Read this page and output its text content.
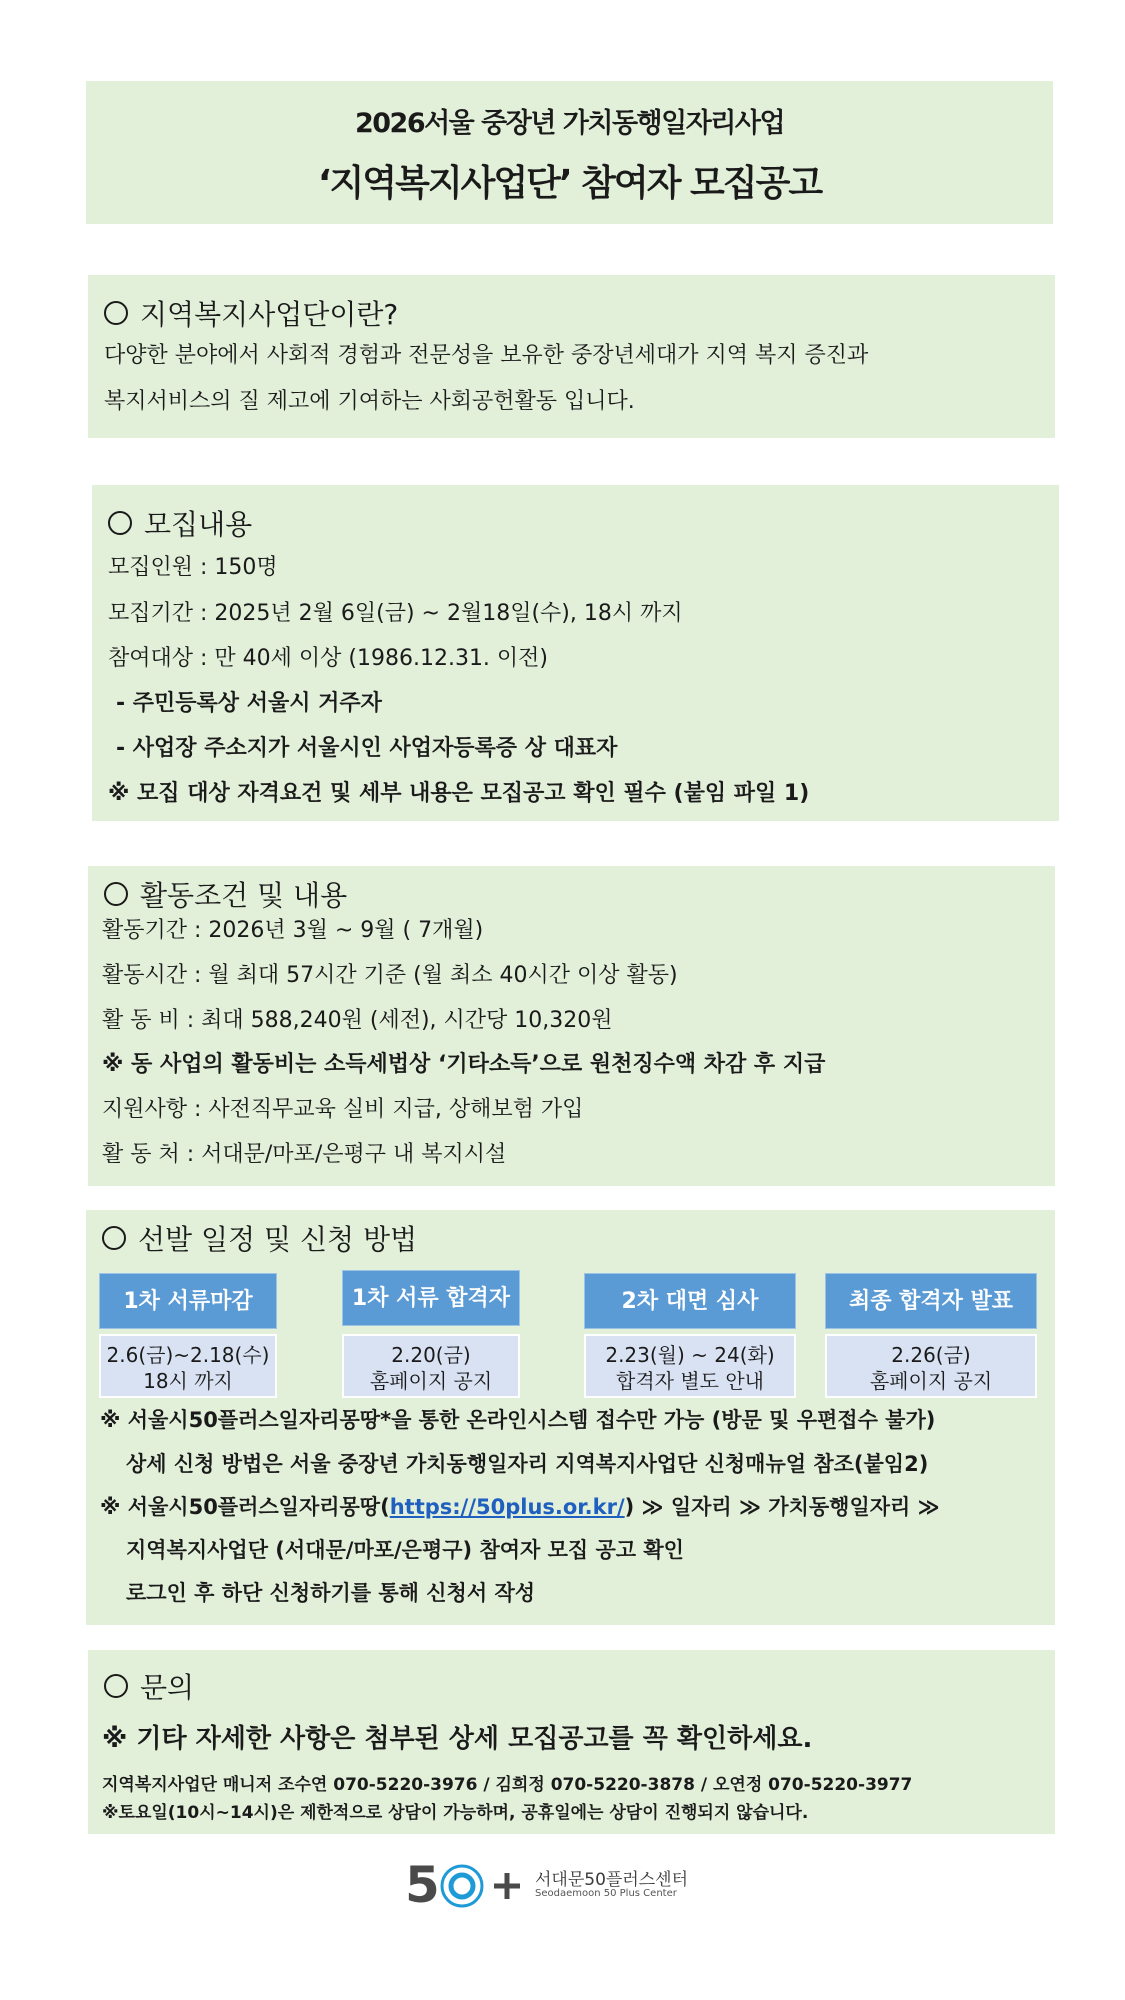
2026서울 중장년 가치동행일자리사업
‘지역복지사업단’ 참여자 모집공고
지역복지사업단이란?
다양한 분야에서 사회적 경험과 전문성을 보유한 중장년세대가 지역 복지 증진과
복지서비스의 질 제고에 기여하는 사회공헌활동 입니다.
모집내용
모집인원 : 150명
모집기간 : 2025년 2월 6일(금) ~ 2월18일(수), 18시 까지
참여대상 : 만 40세 이상 (1986.12.31. 이전)
- 주민등록상 서울시 거주자
- 사업장 주소지가 서울시인 사업자등록증 상 대표자
※ 모집 대상 자격요건 및 세부 내용은 모집공고 확인 필수 (붙임 파일 1)
활동조건 및 내용
활동기간 : 2026년 3월 ~ 9월 ( 7개월)
활동시간 : 월 최대 57시간 기준 (월 최소 40시간 이상 활동)
활 동 비 : 최대 588,240원 (세전), 시간당 10,320원
※ 동 사업의 활동비는 소득세법상 ‘기타소득’으로 원천징수액 차감 후 지급
지원사항 : 사전직무교육 실비 지급, 상해보험 가입
활 동 처 : 서대문/마포/은평구 내 복지시설
선발 일정 및 신청 방법
1차 서류마감
2.6(금)~2.18(수)
18시 까지
1차 서류 합격자
2.20(금)
홈페이지 공지
2차 대면 심사
2.23(월) ~ 24(화)
합격자 별도 안내
최종 합격자 발표
2.26(금)
홈페이지 공지
※ 서울시50플러스일자리몽땅*을 통한 온라인시스템 접수만 가능 (방문 및 우편접수 불가)
상세 신청 방법은 서울 중장년 가치동행일자리 지역복지사업단 신청매뉴얼 참조(붙임2)
※ 서울시50플러스일자리몽땅(https://50plus.or.kr/) ≫ 일자리 ≫ 가치동행일자리 ≫
지역복지사업단 (서대문/마포/은평구) 참여자 모집 공고 확인
로그인 후 하단 신청하기를 통해 신청서 작성
문의
※ 기타 자세한 사항은 첨부된 상세 모집공고를 꼭 확인하세요.
지역복지사업단 매니저 조수연 070-5220-3976 / 김희정 070-5220-3878 / 오연정 070-5220-3977
※토요일(10시~14시)은 제한적으로 상담이 가능하며, 공휴일에는 상담이 진행되지 않습니다.
5	서대문50플러스센터
Seodaemoon 50 Plus Center
